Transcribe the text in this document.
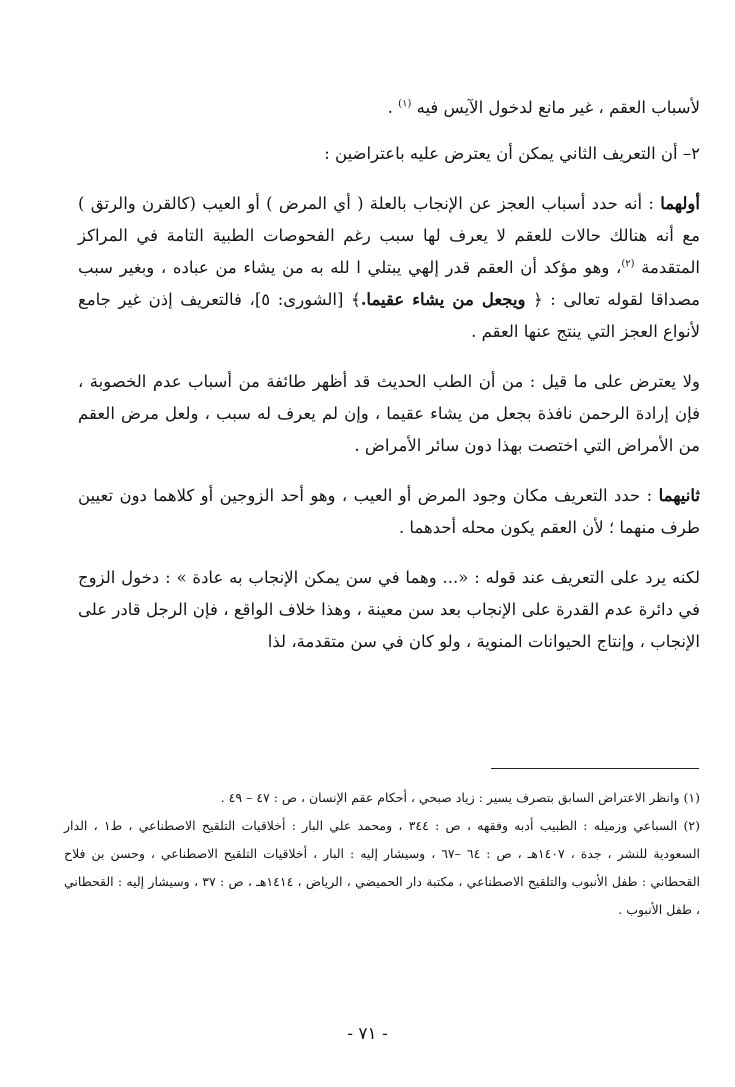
لأسباب العقم ، غير مانع لدخول الآيس فيه $^{(١)}$ .

٢– أن التعريف الثاني يمكن أن يعترض عليه باعتراضين :

أولهما : أنه حدد أسباب العجز عن الإنجاب بالعلة ( أي المرض ) أو العيب (كالقرن والرتق ) مع أنه هنالك حالات للعقم لا يعرف لها سبب رغم الفحوصات الطبية التامة في المراكز المتقدمة $^{(٢)}$، وهو مؤكد أن العقم قدر إلهي يبتلي ا لله به من يشاء من عباده ، وبغير سبب مصداقا لقوله تعالى : ﴿ ويجعل من يشاء عقيما.﴾ [الشورى: ٥]، فالتعريف إذن غير جامع لأنواع العجز التي ينتج عنها العقم .

ولا يعترض على ما قيل : من أن الطب الحديث قد أظهر طائفة من أسباب عدم الخصوبة ، فإن إرادة الرحمن نافذة بجعل من يشاء عقيما ، وإن لم يعرف له سبب ، ولعل مرض العقم من الأمراض التي اختصت بهذا دون سائر الأمراض .

ثانيهما : حدد التعريف مكان وجود المرض أو العيب ، وهو أحد الزوجين أو كلاهما دون تعيين طرف منهما ؛ لأن العقم يكون محله أحدهما .

لكنه يرد على التعريف عند قوله : «... وهما في سن يمكن الإنجاب به عادة » : دخول الزوج في دائرة عدم القدرة على الإنجاب بعد سن معينة ، وهذا خلاف الواقع ، فإن الرجل قادر على الإنجاب ، وإنتاج الحيوانات المنوية ، ولو كان في سن متقدمة، لذا

(١) وانظر الاعتراض السابق بتصرف يسير : زياد صبحي ، أحكام عقم الإنسان ، ص : ٤٧ – ٤٩ .

(٢) السباعي وزميله : الطبيب أدبه وفقهه ، ص : ٣٤٤ ، ومحمد علي البار : أخلاقيات التلقيح الاصطناعي ، ط١ ، الدار السعودية للنشر ، جدة ، ١٤٠٧هـ ، ص : ٦٤ –٦٧ ، وسيشار إليه : البار ، أخلاقيات التلقيح الاصطناعي ، وحسن بن فلاح القحطاني : طفل الأنبوب والتلقيح الاصطناعي ، مكتبة دار الحميضي ، الرياض ، ١٤١٤هـ ، ص : ٣٧ ، وسيشار إليه : القحطاني ، طفل الأنبوب .

- ٧١ -
